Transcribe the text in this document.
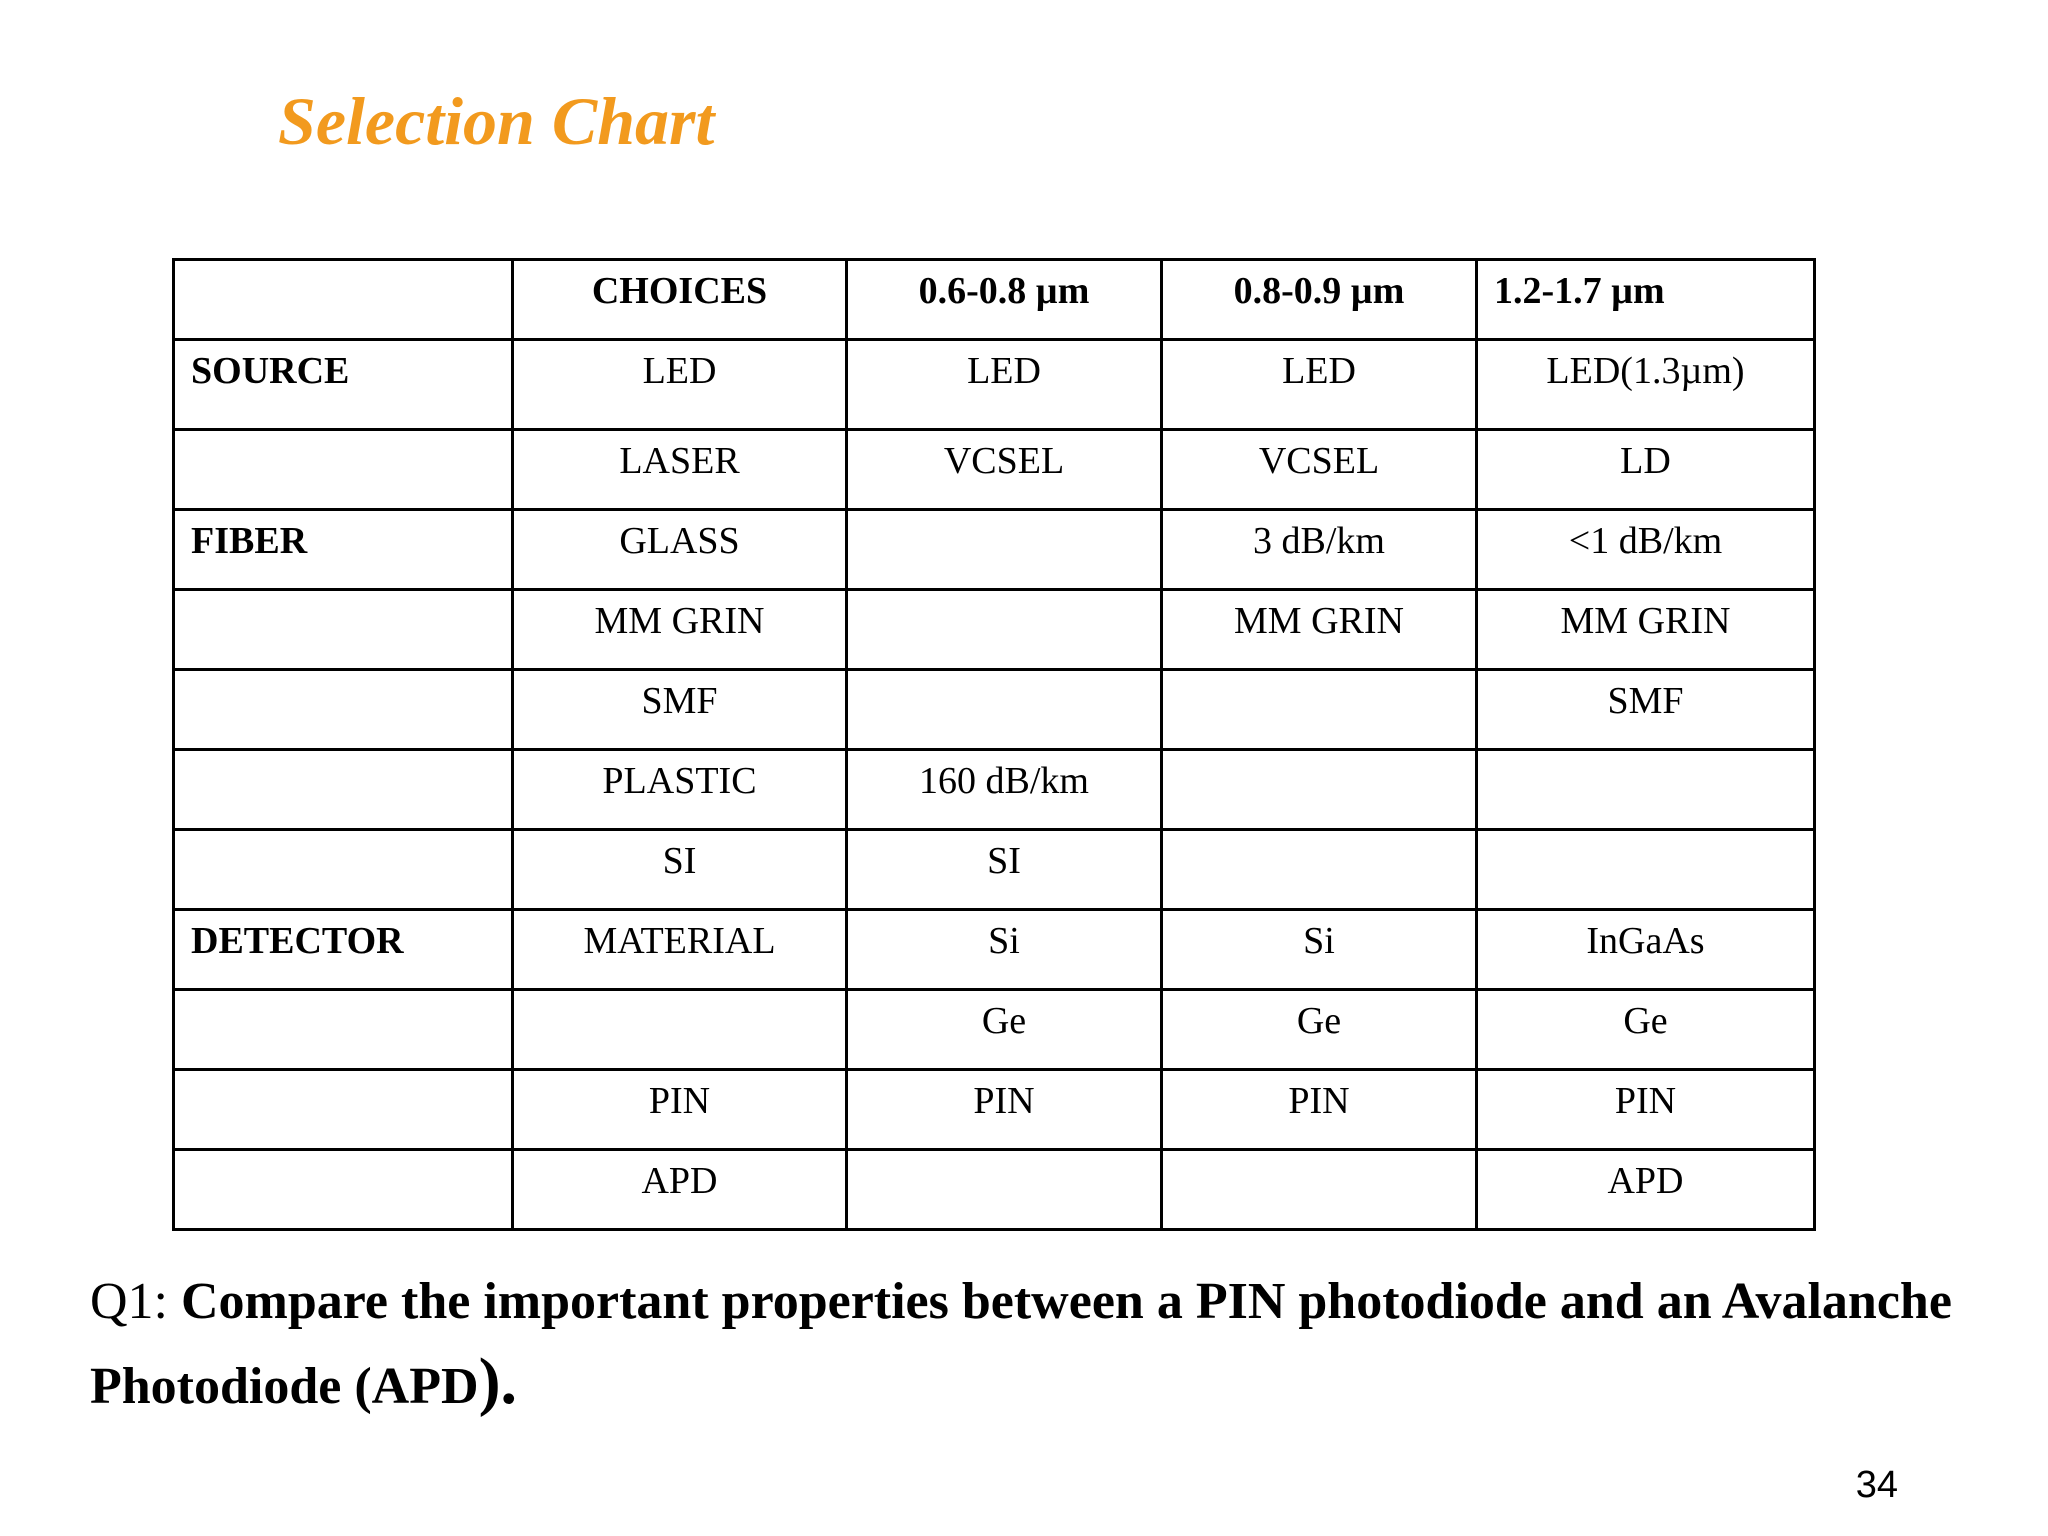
Selection Chart
	CHOICES	0.6-0.8 µm	0.8-0.9 µm	1.2-1.7 µm
SOURCE	LED	LED	LED	LED(1.3µm)
	LASER	VCSEL	VCSEL	LD
FIBER	GLASS		3 dB/km	<1 dB/km
	MM GRIN		MM GRIN	MM GRIN
	SMF			SMF
	PLASTIC	160 dB/km		
	SI	SI		
DETECTOR	MATERIAL	Si	Si	InGaAs
		Ge	Ge	Ge
	PIN	PIN	PIN	PIN
	APD			APD

Q1: Compare the important properties between a PIN photodiode and an Avalanche Photodiode (APD).

34
